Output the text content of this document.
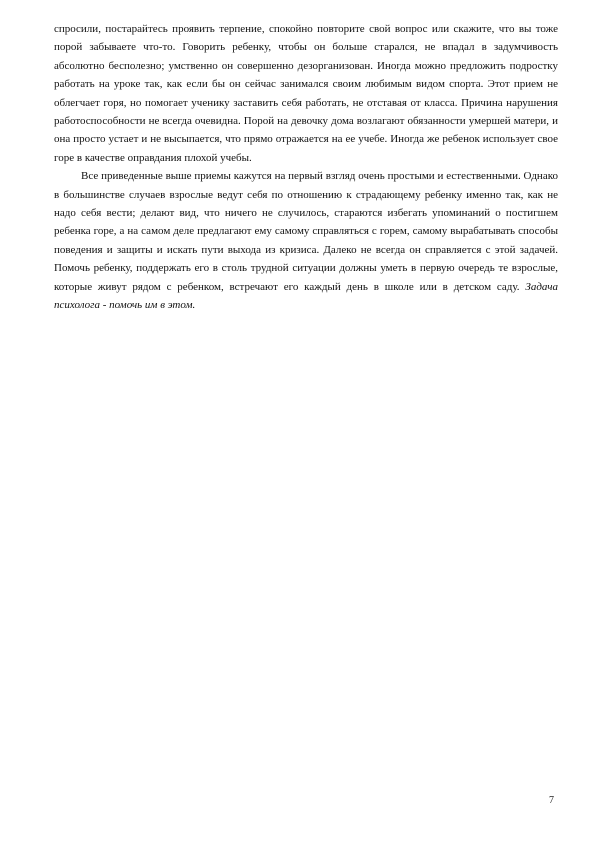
спросили, постарайтесь проявить терпение, спокойно повторите свой вопрос или скажите, что вы тоже порой забываете что-то. Говорить ребенку, чтобы он больше старался, не впадал в задумчивость абсолютно бесполезно; умственно он совершенно дезорганизован. Иногда можно предложить подростку работать на уроке так, как если бы он сейчас занимался своим любимым видом спорта. Этот прием не облегчает горя, но помогает ученику заставить себя работать, не отставая от класса. Причина нарушения работоспособности не всегда очевидна. Порой на девочку дома возлагают обязанности умершей матери, и она просто устает и не высыпается, что прямо отражается на ее учебе. Иногда же ребенок использует свое горе в качестве оправдания плохой учебы.

Все приведенные выше приемы кажутся на первый взгляд очень простыми и естественными. Однако в большинстве случаев взрослые ведут себя по отношению к страдающему ребенку именно так, как не надо себя вести; делают вид, что ничего не случилось, стараются избегать упоминаний о постигшем ребенка горе, а на самом деле предлагают ему самому справляться с горем, самому вырабатывать способы поведения и защиты и искать пути выхода из кризиса. Далеко не всегда он справляется с этой задачей. Помочь ребенку, поддержать его в столь трудной ситуации должны уметь в первую очередь те взрослые, которые живут рядом с ребенком, встречают его каждый день в школе или в детском саду. Задача психолога - помочь им в этом.

7
